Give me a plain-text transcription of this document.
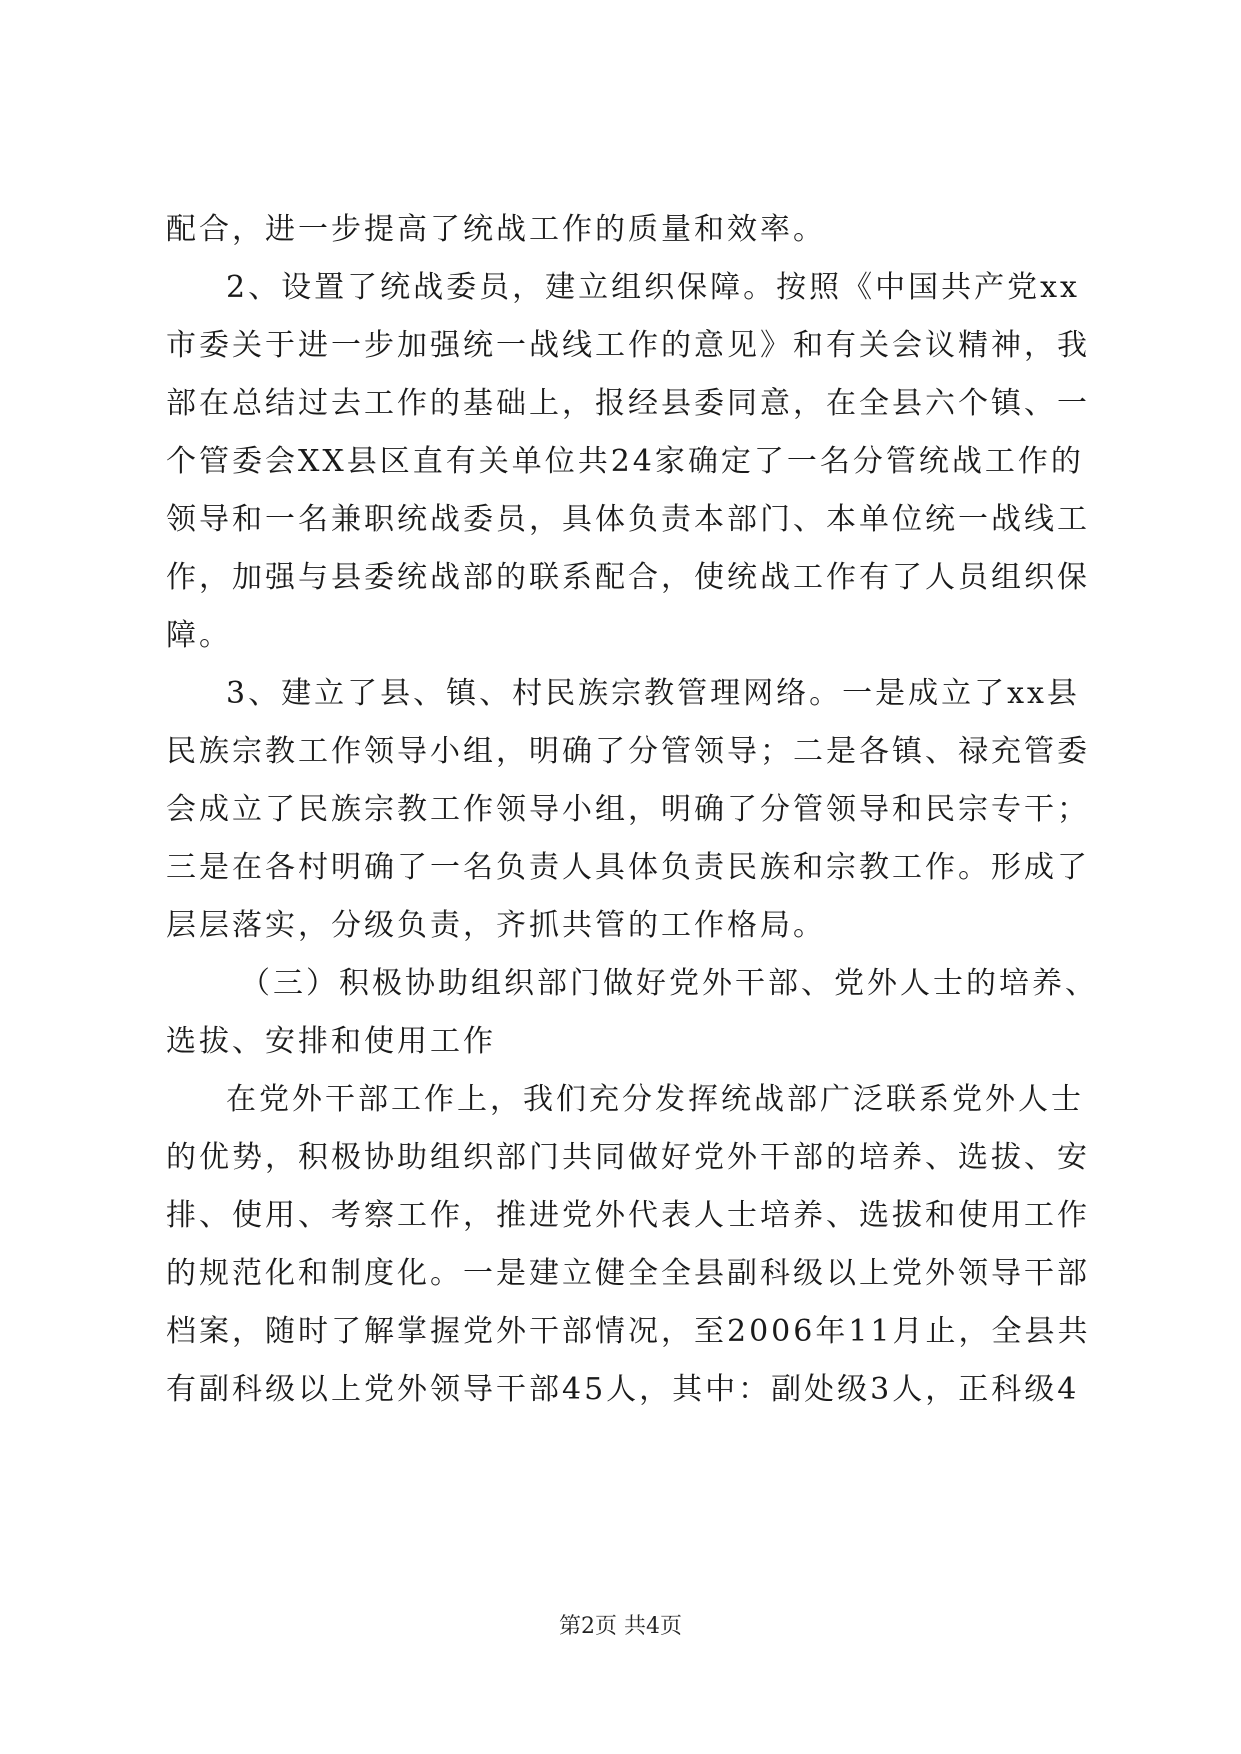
配合，进一步提高了统战工作的质量和效率。
2、设置了统战委员，建立组织保障。按照《中国共产党xx
市委关于进一步加强统一战线工作的意见》和有关会议精神，我
部在总结过去工作的基础上，报经县委同意，在全县六个镇、一
个管委会XX县区直有关单位共24家确定了一名分管统战工作的
领导和一名兼职统战委员，具体负责本部门、本单位统一战线工
作，加强与县委统战部的联系配合，使统战工作有了人员组织保
障。
3、建立了县、镇、村民族宗教管理网络。一是成立了xx县
民族宗教工作领导小组，明确了分管领导；二是各镇、禄充管委
会成立了民族宗教工作领导小组，明确了分管领导和民宗专干；
三是在各村明确了一名负责人具体负责民族和宗教工作。形成了
层层落实，分级负责，齐抓共管的工作格局。
（三）积极协助组织部门做好党外干部、党外人士的培养、
选拔、安排和使用工作
在党外干部工作上，我们充分发挥统战部广泛联系党外人士
的优势，积极协助组织部门共同做好党外干部的培养、选拔、安
排、使用、考察工作，推进党外代表人士培养、选拔和使用工作
的规范化和制度化。一是建立健全全县副科级以上党外领导干部
档案，随时了解掌握党外干部情况，至2006年11月止，全县共
有副科级以上党外领导干部45人，其中：副处级3人，正科级4
第2页 共4页
